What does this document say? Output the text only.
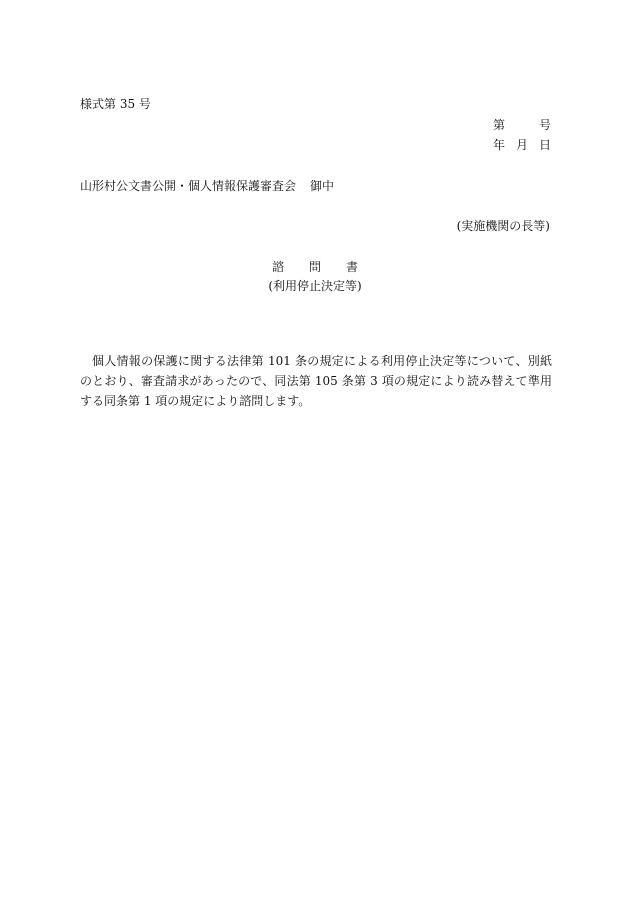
様式第 35 号
第	号
年 月 日
山形村公文書公開・個人情報保護審査会 御中
(実施機関の長等)
諮 問 書
(利用停止決定等)

個人情報の保護に関する法律第 101 条の規定による利用停止決定等について、別紙のとおり、審査請求があったので、同法第 105 条第 3 項の規定により読み替えて準用する同条第 1 項の規定により諮問します。
